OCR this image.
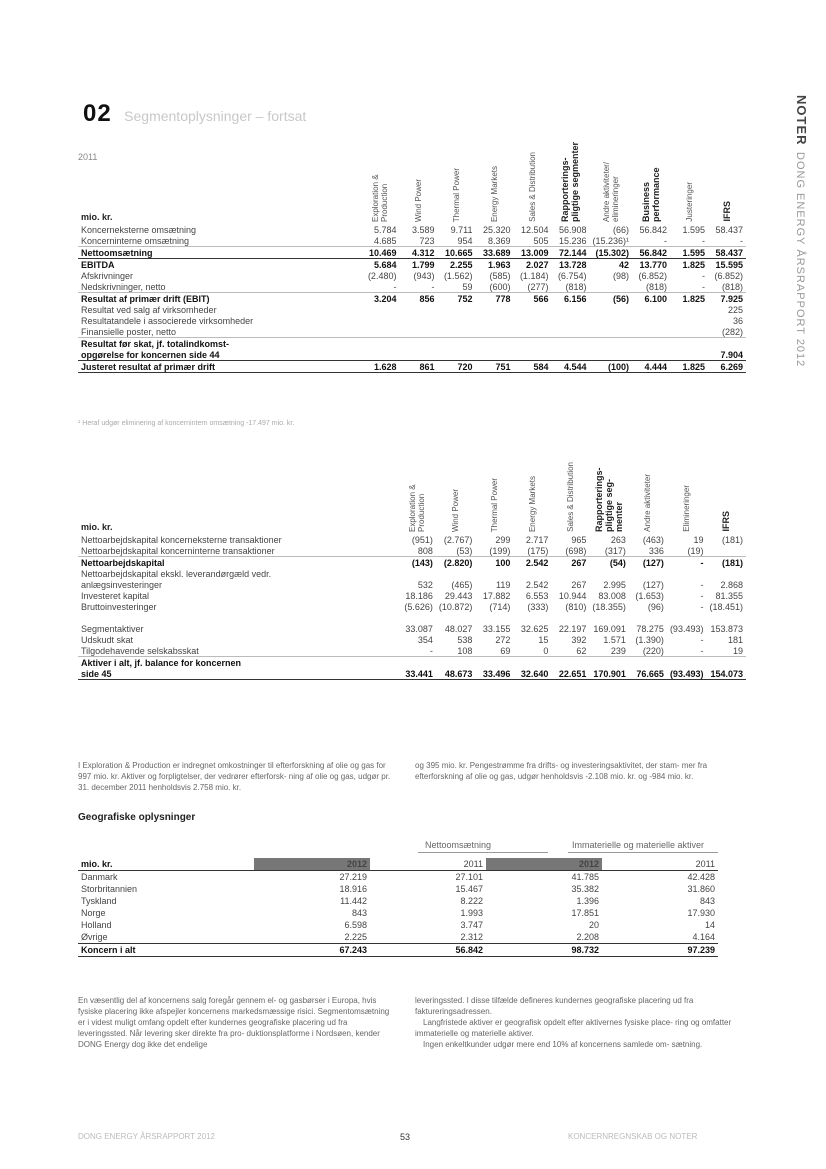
02 Segmentoplysninger – fortsat	NOTER
DONG ENERGY ÅRSRAPPORT 2012
2011
mio. kr.	Exploration & Production	Wind Power	Thermal Power	Energy Markets	Sales & Distribution	Rapporterings-pligtige segmenter	Andre aktiviteter/ elimineringer	Business performance	Justeringer	IFRS
Koncerneksterne omsætning	5.784	3.589	9.711	25.320	12.504	56.908	(66)	56.842	1.595	58.437
Koncerninterne omsætning	4.685	723	954	8.369	505	15.236	(15.236)¹	-	-	-
Nettoomsætning	10.469	4.312	10.665	33.689	13.009	72.144	(15.302)	56.842	1.595	58.437
EBITDA	5.684	1.799	2.255	1.963	2.027	13.728	42	13.770	1.825	15.595
Afskrivninger	(2.480)	(943)	(1.562)	(585)	(1.184)	(6.754)	(98)	(6.852)	-	(6.852)
Nedskrivninger, netto	-	-	59	(600)	(277)	(818)		(818)	-	(818)
Resultat af primær drift (EBIT)	3.204	856	752	778	566	6.156	(56)	6.100	1.825	7.925
Resultat ved salg af virksomheder										225
Resultatandele i associerede virksomheder										36
Finansielle poster, netto										(282)
Resultat før skat, jf. totalindkomst-										
opgørelse for koncernen side 44										7.904
Justeret resultat af primær drift	1.628	861	720	751	584	4.544	(100)	4.444	1.825	6.269
¹ Heraf udgør eliminering af koncernintern omsætning -17.497 mio. kr.
mio. kr.	Exploration & Production	Wind Power	Thermal Power	Energy Markets	Sales & Distribution	Rapporterings-pligtige seg-menter	Andre aktiviteter	Elimineringer	IFRS
Nettoarbejdskapital koncerneksterne transaktioner	(951)	(2.767)	299	2.717	965	263	(463)	19	(181)
Nettoarbejdskapital koncerninterne transaktioner	808	(53)	(199)	(175)	(698)	(317)	336	(19)	
Nettoarbejdskapital	(143)	(2.820)	100	2.542	267	(54)	(127)	-	(181)
Nettoarbejdskapital ekskl. leverandørgæld vedr.									
anlægsinvesteringer	532	(465)	119	2.542	267	2.995	(127)	-	2.868
Investeret kapital	18.186	29.443	17.882	6.553	10.944	83.008	(1.653)	-	81.355
Bruttoinvesteringer	(5.626)	(10.872)	(714)	(333)	(810)	(18.355)	(96)	-	(18.451)

Segmentaktiver	33.087	48.027	33.155	32.625	22.197	169.091	78.275	(93.493)	153.873
Udskudt skat	354	538	272	15	392	1.571	(1.390)	-	181
Tilgodehavende selskabsskat	-	108	69	0	62	239	(220)	-	19
Aktiver i alt, jf. balance for koncernen									
side 45	33.441	48.673	33.496	32.640	22.651	170.901	76.665	(93.493)	154.073
I Exploration & Production er indregnet omkostninger til efterforskning af olie og gas for 997 mio. kr. Aktiver og forpligtelser, der vedrører efterforsk- ning af olie og gas, udgør pr. 31. december 2011 henholdsvis 2.758 mio. kr.
og 395 mio. kr. Pengestrømme fra drifts- og investeringsaktivitet, der stam- mer fra efterforskning af olie og gas, udgør henholdsvis -2.108 mio. kr. og -984 mio. kr.
Geografiske oplysninger
Nettoomsætning	Immaterielle og materielle aktiver
mio. kr.	2012	2011	2012	2011
Danmark	27.219	27.101	41.785	42.428
Storbritannien	18.916	15.467	35.382	31.860
Tyskland	11.442	8.222	1.396	843
Norge	843	1.993	17.851	17.930
Holland	6.598	3.747	20	14
Øvrige	2.225	2.312	2.208	4.164
Koncern i alt	67.243	56.842	98.732	97.239
En væsentlig del af koncernens salg foregår gennem el- og gasbørser i Europa, hvis fysiske placering ikke afspejler koncernens markedsmæssige risici. Segmentomsætning er i videst muligt omfang opdelt efter kundernes geografiske placering ud fra leveringssted. Når levering sker direkte fra pro- duktionsplatforme i Nordsøen, kender DONG Energy dog ikke det endelige
leveringssted. I disse tilfælde defineres kundernes geografiske placering ud fra faktureringsadressen.
Langfristede aktiver er geografisk opdelt efter aktivernes fysiske place- ring og omfatter immaterielle og materielle aktiver.
Ingen enkeltkunder udgør mere end 10% af koncernens samlede om- sætning.
DONG ENERGY ÅRSRAPPORT 2012	53	KONCERNREGNSKAB OG NOTER
